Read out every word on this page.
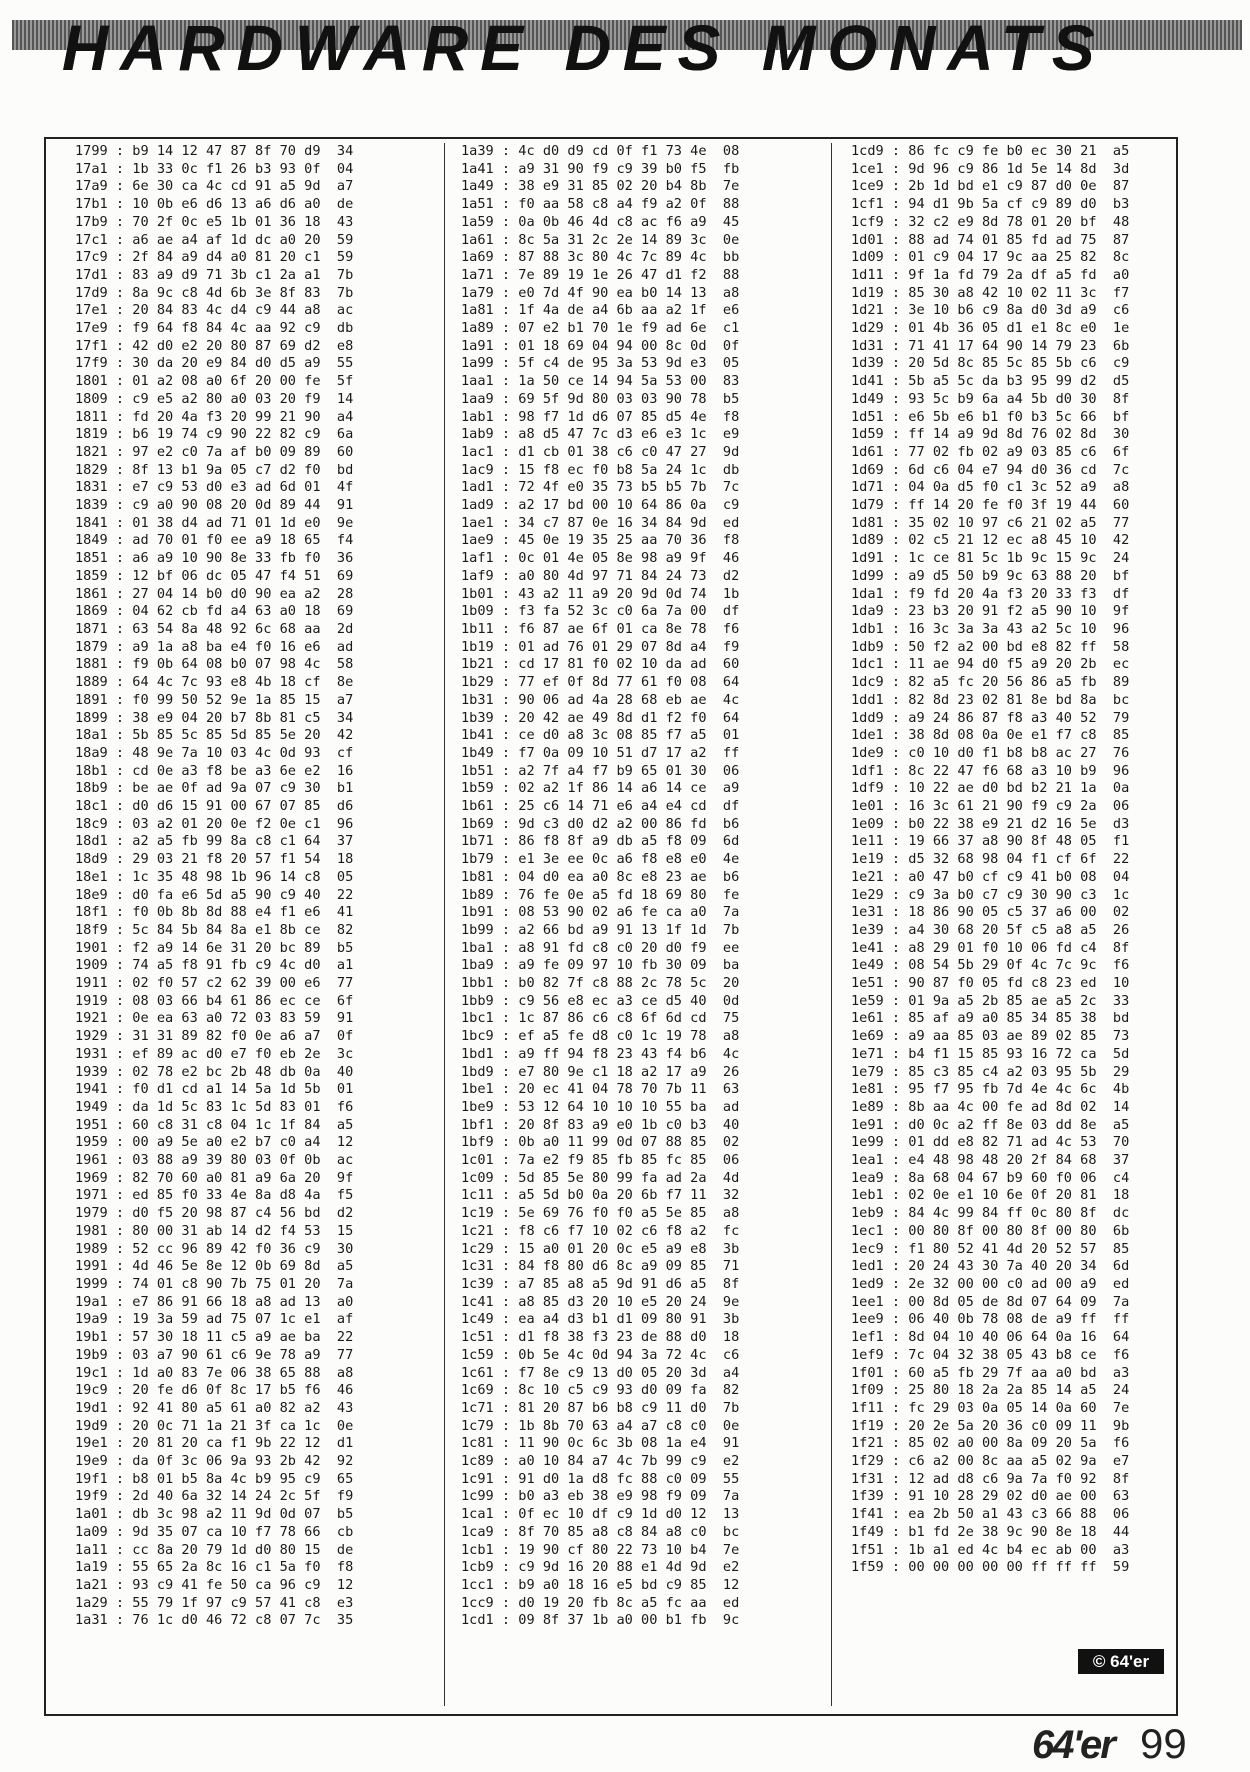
HARDWARE DES MONATS
1799 : b9 14 12 47 87 8f 70 d9  34
17a1 : 1b 33 0c f1 26 b3 93 0f  04
17a9 : 6e 30 ca 4c cd 91 a5 9d  a7
17b1 : 10 0b e6 d6 13 a6 d6 a0  de
17b9 : 70 2f 0c e5 1b 01 36 18  43
17c1 : a6 ae a4 af 1d dc a0 20  59
17c9 : 2f 84 a9 d4 a0 81 20 c1  59
17d1 : 83 a9 d9 71 3b c1 2a a1  7b
17d9 : 8a 9c c8 4d 6b 3e 8f 83  7b
17e1 : 20 84 83 4c d4 c9 44 a8  ac
17e9 : f9 64 f8 84 4c aa 92 c9  db
17f1 : 42 d0 e2 20 80 87 69 d2  e8
17f9 : 30 da 20 e9 84 d0 d5 a9  55
1801 : 01 a2 08 a0 6f 20 00 fe  5f
1809 : c9 e5 a2 80 a0 03 20 f9  14
1811 : fd 20 4a f3 20 99 21 90  a4
1819 : b6 19 74 c9 90 22 82 c9  6a
1821 : 97 e2 c0 7a af b0 09 89  60
1829 : 8f 13 b1 9a 05 c7 d2 f0  bd
1831 : e7 c9 53 d0 e3 ad 6d 01  4f
1839 : c9 a0 90 08 20 0d 89 44  91
1841 : 01 38 d4 ad 71 01 1d e0  9e
1849 : ad 70 01 f0 ee a9 18 65  f4
1851 : a6 a9 10 90 8e 33 fb f0  36
1859 : 12 bf 06 dc 05 47 f4 51  69
1861 : 27 04 14 b0 d0 90 ea a2  28
1869 : 04 62 cb fd a4 63 a0 18  69
1871 : 63 54 8a 48 92 6c 68 aa  2d
1879 : a9 1a a8 ba e4 f0 16 e6  ad
1881 : f9 0b 64 08 b0 07 98 4c  58
1889 : 64 4c 7c 93 e8 4b 18 cf  8e
1891 : f0 99 50 52 9e 1a 85 15  a7
1899 : 38 e9 04 20 b7 8b 81 c5  34
18a1 : 5b 85 5c 85 5d 85 5e 20  42
18a9 : 48 9e 7a 10 03 4c 0d 93  cf
18b1 : cd 0e a3 f8 be a3 6e e2  16
18b9 : be ae 0f ad 9a 07 c9 30  b1
18c1 : d0 d6 15 91 00 67 07 85  d6
18c9 : 03 a2 01 20 0e f2 0e c1  96
18d1 : a2 a5 fb 99 8a c8 c1 64  37
18d9 : 29 03 21 f8 20 57 f1 54  18
18e1 : 1c 35 48 98 1b 96 14 c8  05
18e9 : d0 fa e6 5d a5 90 c9 40  22
18f1 : f0 0b 8b 8d 88 e4 f1 e6  41
18f9 : 5c 84 5b 84 8a e1 8b ce  82
1901 : f2 a9 14 6e 31 20 bc 89  b5
1909 : 74 a5 f8 91 fb c9 4c d0  a1
1911 : 02 f0 57 c2 62 39 00 e6  77
1919 : 08 03 66 b4 61 86 ec ce  6f
1921 : 0e ea 63 a0 72 03 83 59  91
1929 : 31 31 89 82 f0 0e a6 a7  0f
1931 : ef 89 ac d0 e7 f0 eb 2e  3c
1939 : 02 78 e2 bc 2b 48 db 0a  40
1941 : f0 d1 cd a1 14 5a 1d 5b  01
1949 : da 1d 5c 83 1c 5d 83 01  f6
1951 : 60 c8 31 c8 04 1c 1f 84  a5
1959 : 00 a9 5e a0 e2 b7 c0 a4  12
1961 : 03 88 a9 39 80 03 0f 0b  ac
1969 : 82 70 60 a0 81 a9 6a 20  9f
1971 : ed 85 f0 33 4e 8a d8 4a  f5
1979 : d0 f5 20 98 87 c4 56 bd  d2
1981 : 80 00 31 ab 14 d2 f4 53  15
1989 : 52 cc 96 89 42 f0 36 c9  30
1991 : 4d 46 5e 8e 12 0b 69 8d  a5
1999 : 74 01 c8 90 7b 75 01 20  7a
19a1 : e7 86 91 66 18 a8 ad 13  a0
19a9 : 19 3a 59 ad 75 07 1c e1  af
19b1 : 57 30 18 11 c5 a9 ae ba  22
19b9 : 03 a7 90 61 c6 9e 78 a9  77
19c1 : 1d a0 83 7e 06 38 65 88  a8
19c9 : 20 fe d6 0f 8c 17 b5 f6  46
19d1 : 92 41 80 a5 61 a0 82 a2  43
19d9 : 20 0c 71 1a 21 3f ca 1c  0e
19e1 : 20 81 20 ca f1 9b 22 12  d1
19e9 : da 0f 3c 06 9a 93 2b 42  92
19f1 : b8 01 b5 8a 4c b9 95 c9  65
19f9 : 2d 40 6a 32 14 24 2c 5f  f9
1a01 : db 3c 98 a2 11 9d 0d 07  b5
1a09 : 9d 35 07 ca 10 f7 78 66  cb
1a11 : cc 8a 20 79 1d d0 80 15  de
1a19 : 55 65 2a 8c 16 c1 5a f0  f8
1a21 : 93 c9 41 fe 50 ca 96 c9  12
1a29 : 55 79 1f 97 c9 57 41 c8  e3
1a31 : 76 1c d0 46 72 c8 07 7c  35
1a39 : 4c d0 d9 cd 0f f1 73 4e  08
1a41 : a9 31 90 f9 c9 39 b0 f5  fb
1a49 : 38 e9 31 85 02 20 b4 8b  7e
1a51 : f0 aa 58 c8 a4 f9 a2 0f  88
1a59 : 0a 0b 46 4d c8 ac f6 a9  45
1a61 : 8c 5a 31 2c 2e 14 89 3c  0e
1a69 : 87 88 3c 80 4c 7c 89 4c  bb
1a71 : 7e 89 19 1e 26 47 d1 f2  88
1a79 : e0 7d 4f 90 ea b0 14 13  a8
1a81 : 1f 4a de a4 6b aa a2 1f  e6
1a89 : 07 e2 b1 70 1e f9 ad 6e  c1
1a91 : 01 18 69 04 94 00 8c 0d  0f
1a99 : 5f c4 de 95 3a 53 9d e3  05
1aa1 : 1a 50 ce 14 94 5a 53 00  83
1aa9 : 69 5f 9d 80 03 03 90 78  b5
1ab1 : 98 f7 1d d6 07 85 d5 4e  f8
1ab9 : a8 d5 47 7c d3 e6 e3 1c  e9
1ac1 : d1 cb 01 38 c6 c0 47 27  9d
1ac9 : 15 f8 ec f0 b8 5a 24 1c  db
1ad1 : 72 4f e0 35 73 b5 b5 7b  7c
1ad9 : a2 17 bd 00 10 64 86 0a  c9
1ae1 : 34 c7 87 0e 16 34 84 9d  ed
1ae9 : 45 0e 19 35 25 aa 70 36  f8
1af1 : 0c 01 4e 05 8e 98 a9 9f  46
1af9 : a0 80 4d 97 71 84 24 73  d2
1b01 : 43 a2 11 a9 20 9d 0d 74  1b
1b09 : f3 fa 52 3c c0 6a 7a 00  df
1b11 : f6 87 ae 6f 01 ca 8e 78  f6
1b19 : 01 ad 76 01 29 07 8d a4  f9
1b21 : cd 17 81 f0 02 10 da ad  60
1b29 : 77 ef 0f 8d 77 61 f0 08  64
1b31 : 90 06 ad 4a 28 68 eb ae  4c
1b39 : 20 42 ae 49 8d d1 f2 f0  64
1b41 : ce d0 a8 3c 08 85 f7 a5  01
1b49 : f7 0a 09 10 51 d7 17 a2  ff
1b51 : a2 7f a4 f7 b9 65 01 30  06
1b59 : 02 a2 1f 86 14 a6 14 ce  a9
1b61 : 25 c6 14 71 e6 a4 e4 cd  df
1b69 : 9d c3 d0 d2 a2 00 86 fd  b6
1b71 : 86 f8 8f a9 db a5 f8 09  6d
1b79 : e1 3e ee 0c a6 f8 e8 e0  4e
1b81 : 04 d0 ea a0 8c e8 23 ae  b6
1b89 : 76 fe 0e a5 fd 18 69 80  fe
1b91 : 08 53 90 02 a6 fe ca a0  7a
1b99 : a2 66 bd a9 91 13 1f 1d  7b
1ba1 : a8 91 fd c8 c0 20 d0 f9  ee
1ba9 : a9 fe 09 97 10 fb 30 09  ba
1bb1 : b0 82 7f c8 88 2c 78 5c  20
1bb9 : c9 56 e8 ec a3 ce d5 40  0d
1bc1 : 1c 87 86 c6 c8 6f 6d cd  75
1bc9 : ef a5 fe d8 c0 1c 19 78  a8
1bd1 : a9 ff 94 f8 23 43 f4 b6  4c
1bd9 : e7 80 9e c1 18 a2 17 a9  26
1be1 : 20 ec 41 04 78 70 7b 11  63
1be9 : 53 12 64 10 10 10 55 ba  ad
1bf1 : 20 8f 83 a9 e0 1b c0 b3  40
1bf9 : 0b a0 11 99 0d 07 88 85  02
1c01 : 7a e2 f9 85 fb 85 fc 85  06
1c09 : 5d 85 5e 80 99 fa ad 2a  4d
1c11 : a5 5d b0 0a 20 6b f7 11  32
1c19 : 5e 69 76 f0 f0 a5 5e 85  a8
1c21 : f8 c6 f7 10 02 c6 f8 a2  fc
1c29 : 15 a0 01 20 0c e5 a9 e8  3b
1c31 : 84 f8 80 d6 8c a9 09 85  71
1c39 : a7 85 a8 a5 9d 91 d6 a5  8f
1c41 : a8 85 d3 20 10 e5 20 24  9e
1c49 : ea a4 d3 b1 d1 09 80 91  3b
1c51 : d1 f8 38 f3 23 de 88 d0  18
1c59 : 0b 5e 4c 0d 94 3a 72 4c  c6
1c61 : f7 8e c9 13 d0 05 20 3d  a4
1c69 : 8c 10 c5 c9 93 d0 09 fa  82
1c71 : 81 20 87 b6 b8 c9 11 d0  7b
1c79 : 1b 8b 70 63 a4 a7 c8 c0  0e
1c81 : 11 90 0c 6c 3b 08 1a e4  91
1c89 : a0 10 84 a7 4c 7b 99 c9  e2
1c91 : 91 d0 1a d8 fc 88 c0 09  55
1c99 : b0 a3 eb 38 e9 98 f9 09  7a
1ca1 : 0f ec 10 df c9 1d d0 12  13
1ca9 : 8f 70 85 a8 c8 84 a8 c0  bc
1cb1 : 19 90 cf 80 22 73 10 b4  7e
1cb9 : c9 9d 16 20 88 e1 4d 9d  e2
1cc1 : b9 a0 18 16 e5 bd c9 85  12
1cc9 : d0 19 20 fb 8c a5 fc aa  ed
1cd1 : 09 8f 37 1b a0 00 b1 fb  9c
1cd9 : 86 fc c9 fe b0 ec 30 21  a5
1ce1 : 9d 96 c9 86 1d 5e 14 8d  3d
1ce9 : 2b 1d bd e1 c9 87 d0 0e  87
1cf1 : 94 d1 9b 5a cf c9 89 d0  b3
1cf9 : 32 c2 e9 8d 78 01 20 bf  48
1d01 : 88 ad 74 01 85 fd ad 75  87
1d09 : 01 c9 04 17 9c aa 25 82  8c
1d11 : 9f 1a fd 79 2a df a5 fd  a0
1d19 : 85 30 a8 42 10 02 11 3c  f7
1d21 : 3e 10 b6 c9 8a d0 3d a9  c6
1d29 : 01 4b 36 05 d1 e1 8c e0  1e
1d31 : 71 41 17 64 90 14 79 23  6b
1d39 : 20 5d 8c 85 5c 85 5b c6  c9
1d41 : 5b a5 5c da b3 95 99 d2  d5
1d49 : 93 5c b9 6a a4 5b d0 30  8f
1d51 : e6 5b e6 b1 f0 b3 5c 66  bf
1d59 : ff 14 a9 9d 8d 76 02 8d  30
1d61 : 77 02 fb 02 a9 03 85 c6  6f
1d69 : 6d c6 04 e7 94 d0 36 cd  7c
1d71 : 04 0a d5 f0 c1 3c 52 a9  a8
1d79 : ff 14 20 fe f0 3f 19 44  60
1d81 : 35 02 10 97 c6 21 02 a5  77
1d89 : 02 c5 21 12 ec a8 45 10  42
1d91 : 1c ce 81 5c 1b 9c 15 9c  24
1d99 : a9 d5 50 b9 9c 63 88 20  bf
1da1 : f9 fd 20 4a f3 20 33 f3  df
1da9 : 23 b3 20 91 f2 a5 90 10  9f
1db1 : 16 3c 3a 3a 43 a2 5c 10  96
1db9 : 50 f2 a2 00 bd e8 82 ff  58
1dc1 : 11 ae 94 d0 f5 a9 20 2b  ec
1dc9 : 82 a5 fc 20 56 86 a5 fb  89
1dd1 : 82 8d 23 02 81 8e bd 8a  bc
1dd9 : a9 24 86 87 f8 a3 40 52  79
1de1 : 38 8d 08 0a 0e e1 f7 c8  85
1de9 : c0 10 d0 f1 b8 b8 ac 27  76
1df1 : 8c 22 47 f6 68 a3 10 b9  96
1df9 : 10 22 ae d0 bd b2 21 1a  0a
1e01 : 16 3c 61 21 90 f9 c9 2a  06
1e09 : b0 22 38 e9 21 d2 16 5e  d3
1e11 : 19 66 37 a8 90 8f 48 05  f1
1e19 : d5 32 68 98 04 f1 cf 6f  22
1e21 : a0 47 b0 cf c9 41 b0 08  04
1e29 : c9 3a b0 c7 c9 30 90 c3  1c
1e31 : 18 86 90 05 c5 37 a6 00  02
1e39 : a4 30 68 20 5f c5 a8 a5  26
1e41 : a8 29 01 f0 10 06 fd c4  8f
1e49 : 08 54 5b 29 0f 4c 7c 9c  f6
1e51 : 90 87 f0 05 fd c8 23 ed  10
1e59 : 01 9a a5 2b 85 ae a5 2c  33
1e61 : 85 af a9 a0 85 34 85 38  bd
1e69 : a9 aa 85 03 ae 89 02 85  73
1e71 : b4 f1 15 85 93 16 72 ca  5d
1e79 : 85 c3 85 c4 a2 03 95 5b  29
1e81 : 95 f7 95 fb 7d 4e 4c 6c  4b
1e89 : 8b aa 4c 00 fe ad 8d 02  14
1e91 : d0 0c a2 ff 8e 03 dd 8e  a5
1e99 : 01 dd e8 82 71 ad 4c 53  70
1ea1 : e4 48 98 48 20 2f 84 68  37
1ea9 : 8a 68 04 67 b9 60 f0 06  c4
1eb1 : 02 0e e1 10 6e 0f 20 81  18
1eb9 : 84 4c 99 84 ff 0c 80 8f  dc
1ec1 : 00 80 8f 00 80 8f 00 80  6b
1ec9 : f1 80 52 41 4d 20 52 57  85
1ed1 : 20 24 43 30 7a 40 20 34  6d
1ed9 : 2e 32 00 00 c0 ad 00 a9  ed
1ee1 : 00 8d 05 de 8d 07 64 09  7a
1ee9 : 06 40 0b 78 08 de a9 ff  ff
1ef1 : 8d 04 10 40 06 64 0a 16  64
1ef9 : 7c 04 32 38 05 43 b8 ce  f6
1f01 : 60 a5 fb 29 7f aa a0 bd  a3
1f09 : 25 80 18 2a 2a 85 14 a5  24
1f11 : fc 29 03 0a 05 14 0a 60  7e
1f19 : 20 2e 5a 20 36 c0 09 11  9b
1f21 : 85 02 a0 00 8a 09 20 5a  f6
1f29 : c6 a2 00 8c aa a5 02 9a  e7
1f31 : 12 ad d8 c6 9a 7a f0 92  8f
1f39 : 91 10 28 29 02 d0 ae 00  63
1f41 : ea 2b 50 a1 43 c3 66 88  06
1f49 : b1 fd 2e 38 9c 90 8e 18  44
1f51 : 1b a1 ed 4c b4 ec ab 00  a3
1f59 : 00 00 00 00 00 ff ff ff  59
© 64'er
64'er 99
